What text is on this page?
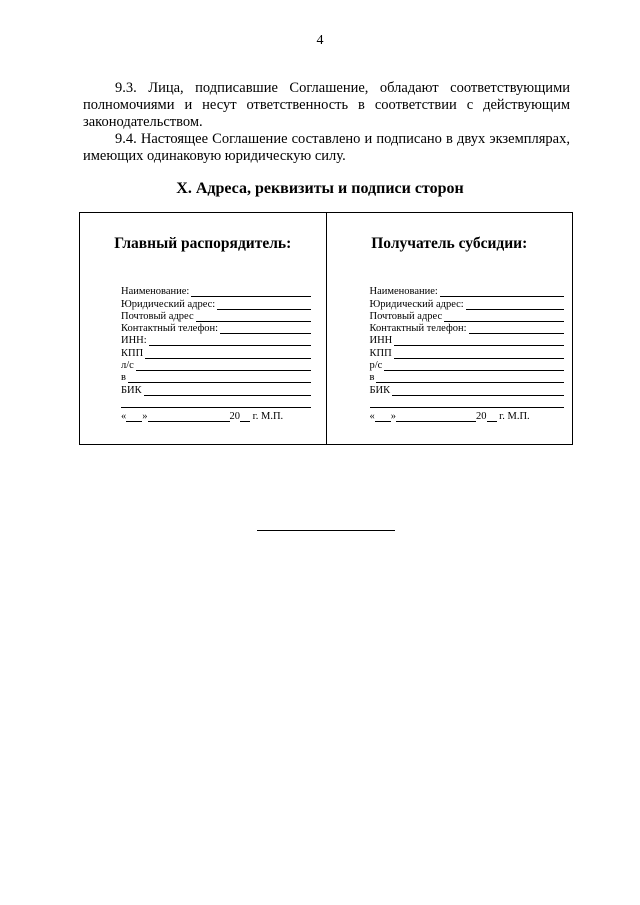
4

9.3. Лица, подписавшие Соглашение, обладают соответствующими полномочиями и несут ответственность в соответствии с действующим законодательством.

9.4. Настоящее Соглашение составлено и подписано в двух экземплярах, имеющих одинаковую юридическую силу.

X. Адреса, реквизиты и подписи сторон
Главный распорядитель:
Наименование:
Юридический адрес:
Почтовый адрес
Контактный телефон:
ИНН:
КПП
л/с
в
БИК
« »	20
г. М.П.
Получатель субсидии:
Наименование:
Юридический адрес:
Почтовый адрес
Контактный телефон:
ИНН
КПП
р/с
в
БИК
« »	20
г. М.П.
